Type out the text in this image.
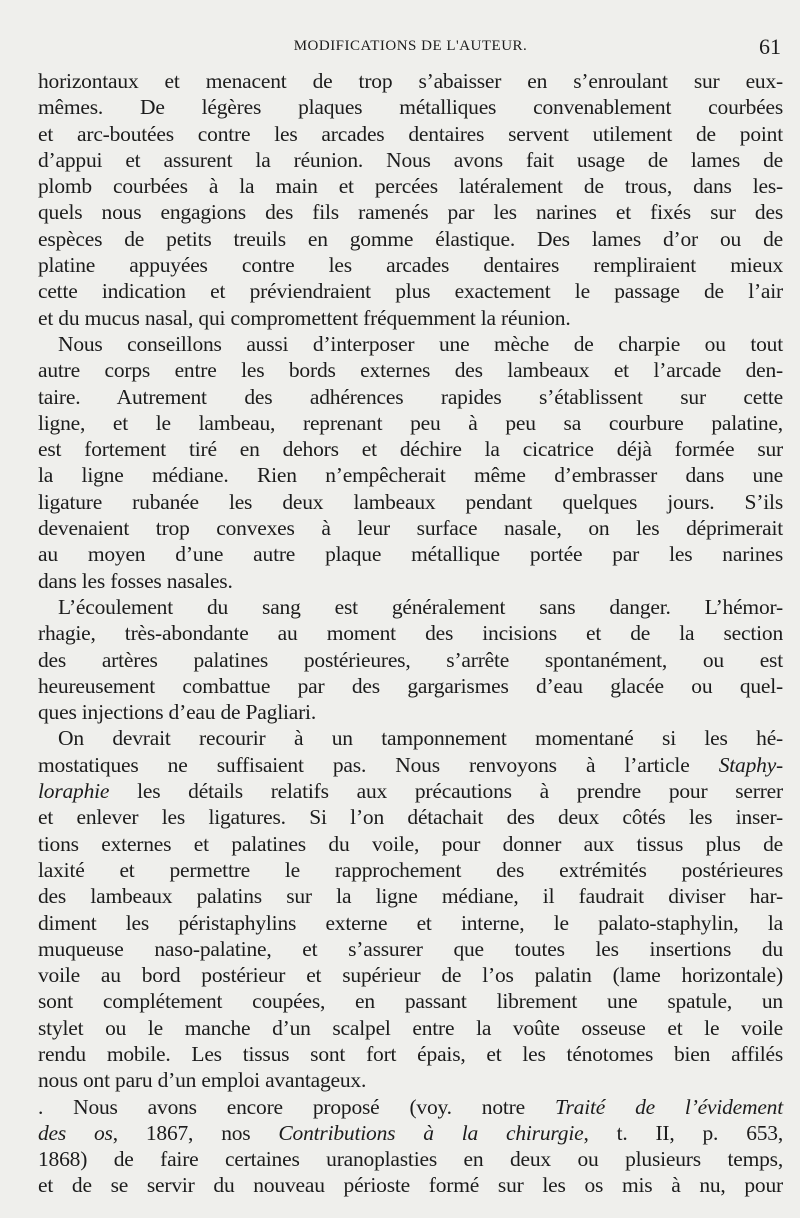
MODIFICATIONS DE L'AUTEUR.	61
horizontaux et menacent de trop s’abaisser en s’enroulant sur eux-
mêmes. De légères plaques métalliques convenablement courbées
et arc-boutées contre les arcades dentaires servent utilement de point
d’appui et assurent la réunion. Nous avons fait usage de lames de
plomb courbées à la main et percées latéralement de trous, dans les-
quels nous engagions des fils ramenés par les narines et fixés sur des
espèces de petits treuils en gomme élastique. Des lames d’or ou de
platine appuyées contre les arcades dentaires rempliraient mieux
cette indication et préviendraient plus exactement le passage de l’air
et du mucus nasal, qui compromettent fréquemment la réunion.
Nous conseillons aussi d’interposer une mèche de charpie ou tout
autre corps entre les bords externes des lambeaux et l’arcade den-
taire. Autrement des adhérences rapides s’établissent sur cette
ligne, et le lambeau, reprenant peu à peu sa courbure palatine,
est fortement tiré en dehors et déchire la cicatrice déjà formée sur
la ligne médiane. Rien n’empêcherait même d’embrasser dans une
ligature rubanée les deux lambeaux pendant quelques jours. S’ils
devenaient trop convexes à leur surface nasale, on les déprimerait
au moyen d’une autre plaque métallique portée par les narines
dans les fosses nasales.
L’écoulement du sang est généralement sans danger. L’hémor-
rhagie, très-abondante au moment des incisions et de la section
des artères palatines postérieures, s’arrête spontanément, ou est
heureusement combattue par des gargarismes d’eau glacée ou quel-
ques injections d’eau de Pagliari.
On devrait recourir à un tamponnement momentané si les hé-
mostatiques ne suffisaient pas. Nous renvoyons à l’article Staphy-
loraphie les détails relatifs aux précautions à prendre pour serrer
et enlever les ligatures. Si l’on détachait des deux côtés les inser-
tions externes et palatines du voile, pour donner aux tissus plus de
laxité et permettre le rapprochement des extrémités postérieures
des lambeaux palatins sur la ligne médiane, il faudrait diviser har-
diment les péristaphylins externe et interne, le palato-staphylin, la
muqueuse naso-palatine, et s’assurer que toutes les insertions du
voile au bord postérieur et supérieur de l’os palatin (lame horizontale)
sont complétement coupées, en passant librement une spatule, un
stylet ou le manche d’un scalpel entre la voûte osseuse et le voile
rendu mobile. Les tissus sont fort épais, et les ténotomes bien affilés
nous ont paru d’un emploi avantageux.
. Nous avons encore proposé (voy. notre Traité de l’évidement
des os, 1867, nos Contributions à la chirurgie, t. II, p. 653,
1868) de faire certaines uranoplasties en deux ou plusieurs temps,
et de se servir du nouveau périoste formé sur les os mis à nu, pour
